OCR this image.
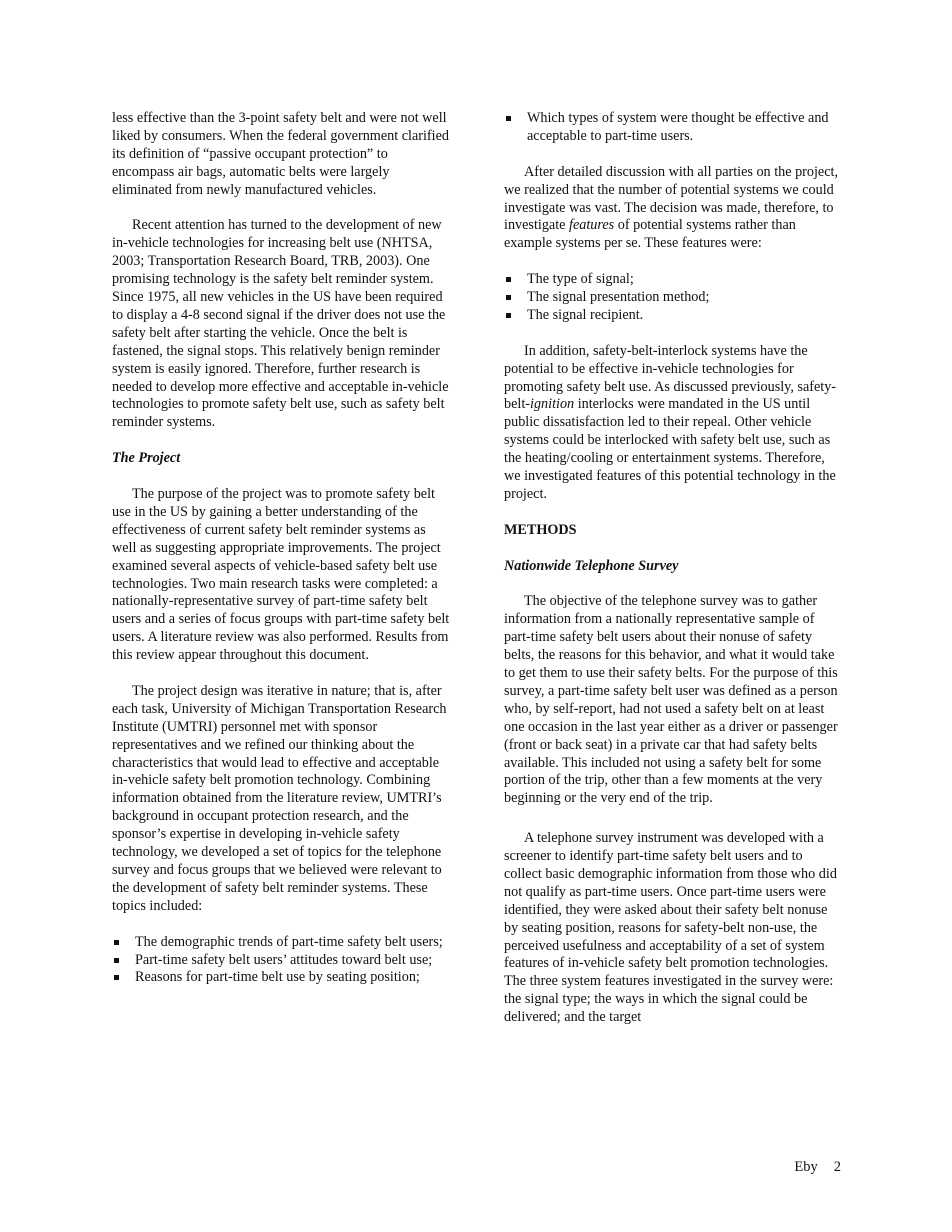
less effective than the 3-point safety belt and were not well liked by consumers. When the federal government clarified its definition of “passive occupant protection” to encompass air bags, automatic belts were largely eliminated from newly manufactured vehicles.

Recent attention has turned to the development of new in-vehicle technologies for increasing belt use (NHTSA, 2003; Transportation Research Board, TRB, 2003). One promising technology is the safety belt reminder system. Since 1975, all new vehicles in the US have been required to display a 4-8 second signal if the driver does not use the safety belt after starting the vehicle. Once the belt is fastened, the signal stops. This relatively benign reminder system is easily ignored. Therefore, further research is needed to develop more effective and acceptable in-vehicle technologies to promote safety belt use, such as safety belt reminder systems.

The Project

The purpose of the project was to promote safety belt use in the US by gaining a better understanding of the effectiveness of current safety belt reminder systems as well as suggesting appropriate improvements. The project examined several aspects of vehicle-based safety belt use technologies. Two main research tasks were completed: a nationally-representative survey of part-time safety belt users and a series of focus groups with part-time safety belt users. A literature review was also performed. Results from this review appear throughout this document.

The project design was iterative in nature; that is, after each task, University of Michigan Transportation Research Institute (UMTRI) personnel met with sponsor representatives and we refined our thinking about the characteristics that would lead to effective and acceptable in-vehicle safety belt promotion technology. Combining information obtained from the literature review, UMTRI’s background in occupant protection research, and the sponsor’s expertise in developing in-vehicle safety technology, we developed a set of topics for the telephone survey and focus groups that we believed were relevant to the development of safety belt reminder systems. These topics included:

The demographic trends of part-time safety belt users;
Part-time safety belt users’ attitudes toward belt use;
Reasons for part-time belt use by seating position;
Which types of system were thought be effective and acceptable to part-time users.

After detailed discussion with all parties on the project, we realized that the number of potential systems we could investigate was vast. The decision was made, therefore, to investigate features of potential systems rather than example systems per se. These features were:

The type of signal;
The signal presentation method;
The signal recipient.

In addition, safety-belt-interlock systems have the potential to be effective in-vehicle technologies for promoting safety belt use. As discussed previously, safety-belt-ignition interlocks were mandated in the US until public dissatisfaction led to their repeal. Other vehicle systems could be interlocked with safety belt use, such as the heating/cooling or entertainment systems. Therefore, we investigated features of this potential technology in the project.

METHODS

Nationwide Telephone Survey

The objective of the telephone survey was to gather information from a nationally representative sample of part-time safety belt users about their nonuse of safety belts, the reasons for this behavior, and what it would take to get them to use their safety belts. For the purpose of this survey, a part-time safety belt user was defined as a person who, by self-report, had not used a safety belt on at least one occasion in the last year either as a driver or passenger (front or back seat) in a private car that had safety belts available. This included not using a safety belt for some portion of the trip, other than a few moments at the very beginning or the very end of the trip.

A telephone survey instrument was developed with a screener to identify part-time safety belt users and to collect basic demographic information from those who did not qualify as part-time users. Once part-time users were identified, they were asked about their safety belt nonuse by seating position, reasons for safety-belt non-use, the perceived usefulness and acceptability of a set of system features of in-vehicle safety belt promotion technologies. The three system features investigated in the survey were: the signal type; the ways in which the signal could be delivered; and the target

Eby 2
